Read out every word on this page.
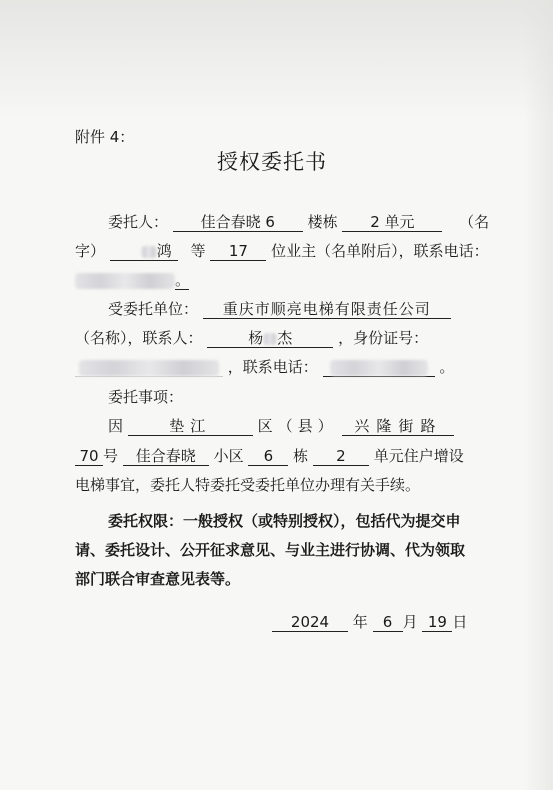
附件 4：
授权委托书
委托人： 佳合春晓 6 楼栋 2 单元	（名
字）	鸿 等 17 位业主（名单附后），联系电话：
。
受委托单位： 重庆市顺亮电梯有限责任公司
（名称），联系人：	杨 杰	，身份证号：
，联系电话：	。
委托事项：
因	垫江	区（县） 兴隆街路
70 号 佳合春晓 小区 6 栋 2 单元住户增设
电梯事宜，委托人特委托受委托单位办理有关手续。
委托权限：一般授权（或特别授权），包括代为提交申
请、委托设计、公开征求意见、与业主进行协调、代为领取
部门联合审查意见表等。
2024 年 6 月 19 日
